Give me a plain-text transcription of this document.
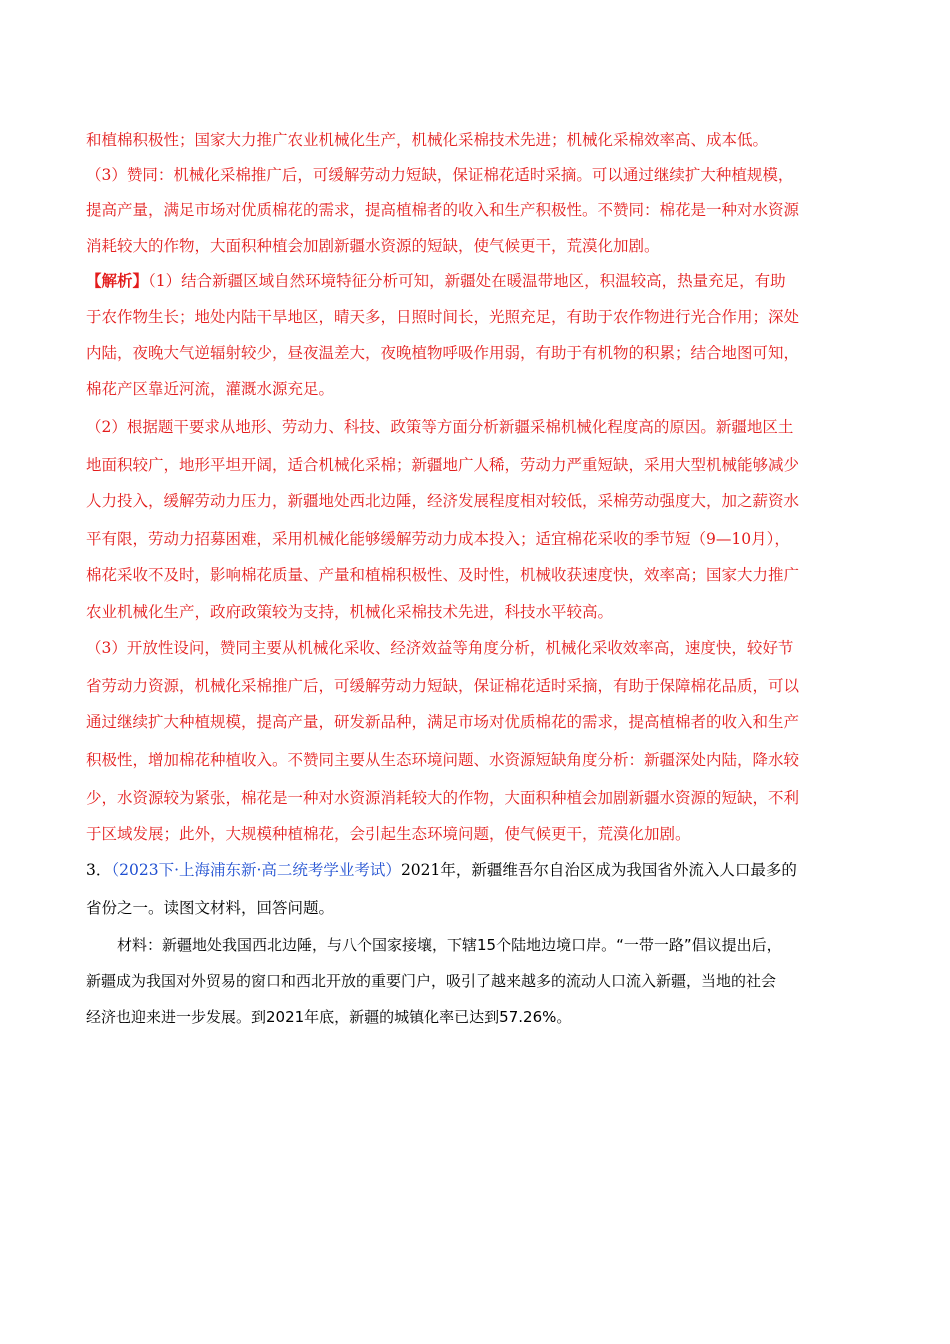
和植棉积极性；国家大力推广农业机械化生产，机械化采棉技术先进；机械化采棉效率高、成本低。
（3）赞同：机械化采棉推广后，可缓解劳动力短缺，保证棉花适时采摘。可以通过继续扩大种植规模，
提高产量，满足市场对优质棉花的需求，提高植棉者的收入和生产积极性。不赞同：棉花是一种对水资源
消耗较大的作物，大面积种植会加剧新疆水资源的短缺，使气候更干，荒漠化加剧。
【解析】（1）结合新疆区域自然环境特征分析可知，新疆处在暖温带地区，积温较高，热量充足，有助
于农作物生长；地处内陆干旱地区，晴天多，日照时间长，光照充足，有助于农作物进行光合作用；深处
内陆，夜晚大气逆辐射较少，昼夜温差大，夜晚植物呼吸作用弱，有助于有机物的积累；结合地图可知，
棉花产区靠近河流，灌溉水源充足。
（2）根据题干要求从地形、劳动力、科技、政策等方面分析新疆采棉机械化程度高的原因。新疆地区土
地面积较广，地形平坦开阔，适合机械化采棉；新疆地广人稀，劳动力严重短缺，采用大型机械能够减少
人力投入，缓解劳动力压力，新疆地处西北边陲，经济发展程度相对较低，采棉劳动强度大，加之薪资水
平有限，劳动力招募困难，采用机械化能够缓解劳动力成本投入；适宜棉花采收的季节短（9—10月），
棉花采收不及时，影响棉花质量、产量和植棉积极性、及时性，机械收获速度快，效率高；国家大力推广
农业机械化生产，政府政策较为支持，机械化采棉技术先进，科技水平较高。
（3）开放性设问，赞同主要从机械化采收、经济效益等角度分析，机械化采收效率高，速度快，较好节
省劳动力资源，机械化采棉推广后，可缓解劳动力短缺，保证棉花适时采摘，有助于保障棉花品质，可以
通过继续扩大种植规模，提高产量，研发新品种，满足市场对优质棉花的需求，提高植棉者的收入和生产
积极性，增加棉花种植收入。不赞同主要从生态环境问题、水资源短缺角度分析：新疆深处内陆，降水较
少，水资源较为紧张，棉花是一种对水资源消耗较大的作物，大面积种植会加剧新疆水资源的短缺，不利
于区域发展；此外，大规模种植棉花，会引起生态环境问题，使气候更干，荒漠化加剧。
3．（2023下·上海浦东新·高二统考学业考试）2021年，新疆维吾尔自治区成为我国省外流入人口最多的
省份之一。读图文材料，回答问题。
材料：新疆地处我国西北边陲，与八个国家接壤，下辖15个陆地边境口岸。“一带一路”倡议提出后，
新疆成为我国对外贸易的窗口和西北开放的重要门户，吸引了越来越多的流动人口流入新疆，当地的社会
经济也迎来进一步发展。到2021年底，新疆的城镇化率已达到57.26%。
